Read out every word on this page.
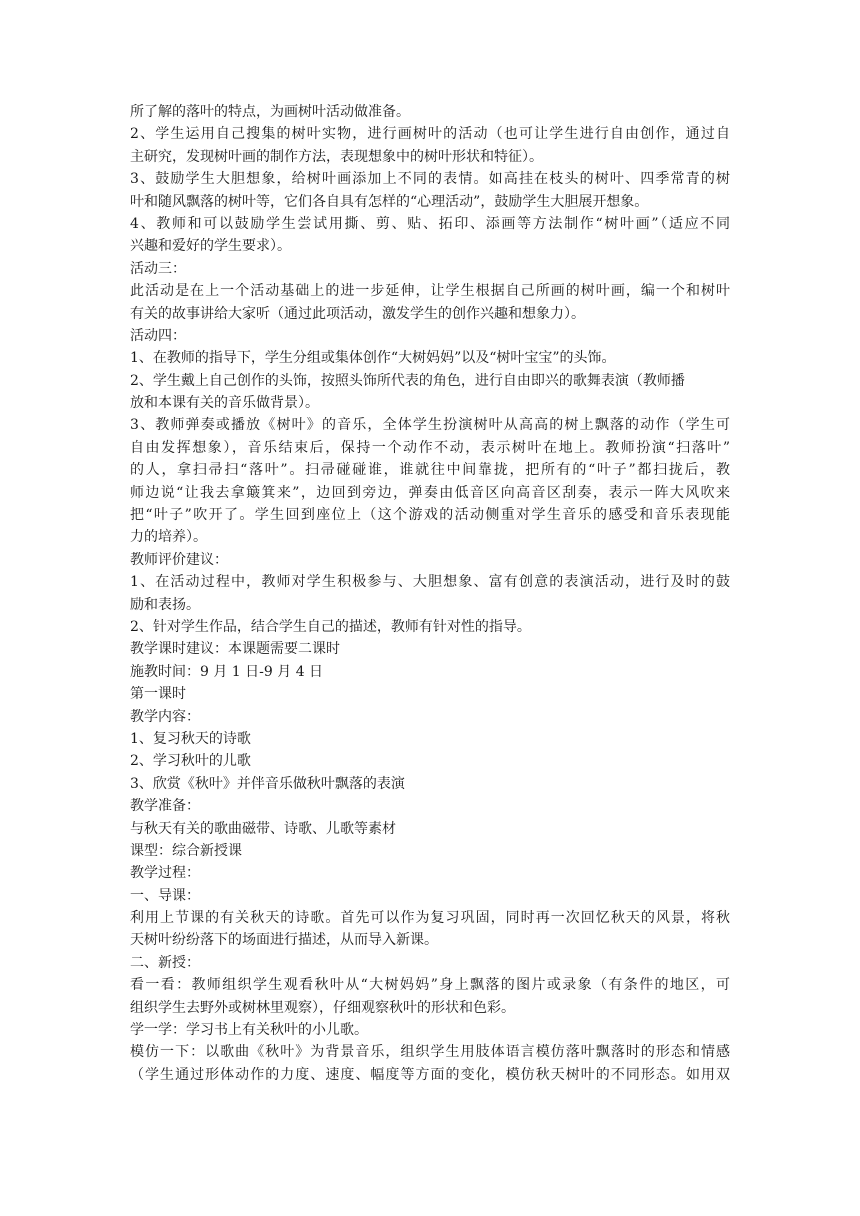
所了解的落叶的特点，为画树叶活动做准备。
2、学生运用自己搜集的树叶实物，进行画树叶的活动（也可让学生进行自由创作，通过自
主研究，发现树叶画的制作方法，表现想象中的树叶形状和特征）。
3、鼓励学生大胆想象，给树叶画添加上不同的表情。如高挂在枝头的树叶、四季常青的树
叶和随风飘落的树叶等，它们各自具有怎样的“心理活动”，鼓励学生大胆展开想象。
4、教师和可以鼓励学生尝试用撕、剪、贴、拓印、添画等方法制作“树叶画”（适应不同
兴趣和爱好的学生要求）。
活动三：
此活动是在上一个活动基础上的进一步延伸，让学生根据自己所画的树叶画，编一个和树叶
有关的故事讲给大家听（通过此项活动，激发学生的创作兴趣和想象力）。
活动四：
1、在教师的指导下，学生分组或集体创作“大树妈妈”以及“树叶宝宝”的头饰。
2、学生戴上自己创作的头饰，按照头饰所代表的角色，进行自由即兴的歌舞表演（教师播
放和本课有关的音乐做背景）。
3、教师弹奏或播放《树叶》的音乐，全体学生扮演树叶从高高的树上飘落的动作（学生可
自由发挥想象），音乐结束后，保持一个动作不动，表示树叶在地上。教师扮演“扫落叶”
的人，拿扫帚扫“落叶”。扫帚碰碰谁，谁就往中间靠拢，把所有的“叶子”都扫拢后，教
师边说“让我去拿簸箕来”，边回到旁边，弹奏由低音区向高音区刮奏，表示一阵大风吹来
把“叶子”吹开了。学生回到座位上（这个游戏的活动侧重对学生音乐的感受和音乐表现能
力的培养）。
教师评价建议：
1、在活动过程中，教师对学生积极参与、大胆想象、富有创意的表演活动，进行及时的鼓
励和表扬。
2、针对学生作品，结合学生自己的描述，教师有针对性的指导。
教学课时建议：本课题需要二课时
施教时间：9 月 1 日-9 月 4 日
第一课时
教学内容：
1、复习秋天的诗歌
2、学习秋叶的儿歌
3、欣赏《秋叶》并伴音乐做秋叶飘落的表演
教学准备：
与秋天有关的歌曲磁带、诗歌、儿歌等素材
课型：综合新授课
教学过程：
一、导课：
利用上节课的有关秋天的诗歌。首先可以作为复习巩固，同时再一次回忆秋天的风景，将秋
天树叶纷纷落下的场面进行描述，从而导入新课。
二、新授：
看一看：教师组织学生观看秋叶从“大树妈妈”身上飘落的图片或录象（有条件的地区，可
组织学生去野外或树林里观察），仔细观察秋叶的形状和色彩。
学一学：学习书上有关秋叶的小儿歌。
模仿一下：以歌曲《秋叶》为背景音乐，组织学生用肢体语言模仿落叶飘落时的形态和情感
（学生通过形体动作的力度、速度、幅度等方面的变化，模仿秋天树叶的不同形态。如用双
